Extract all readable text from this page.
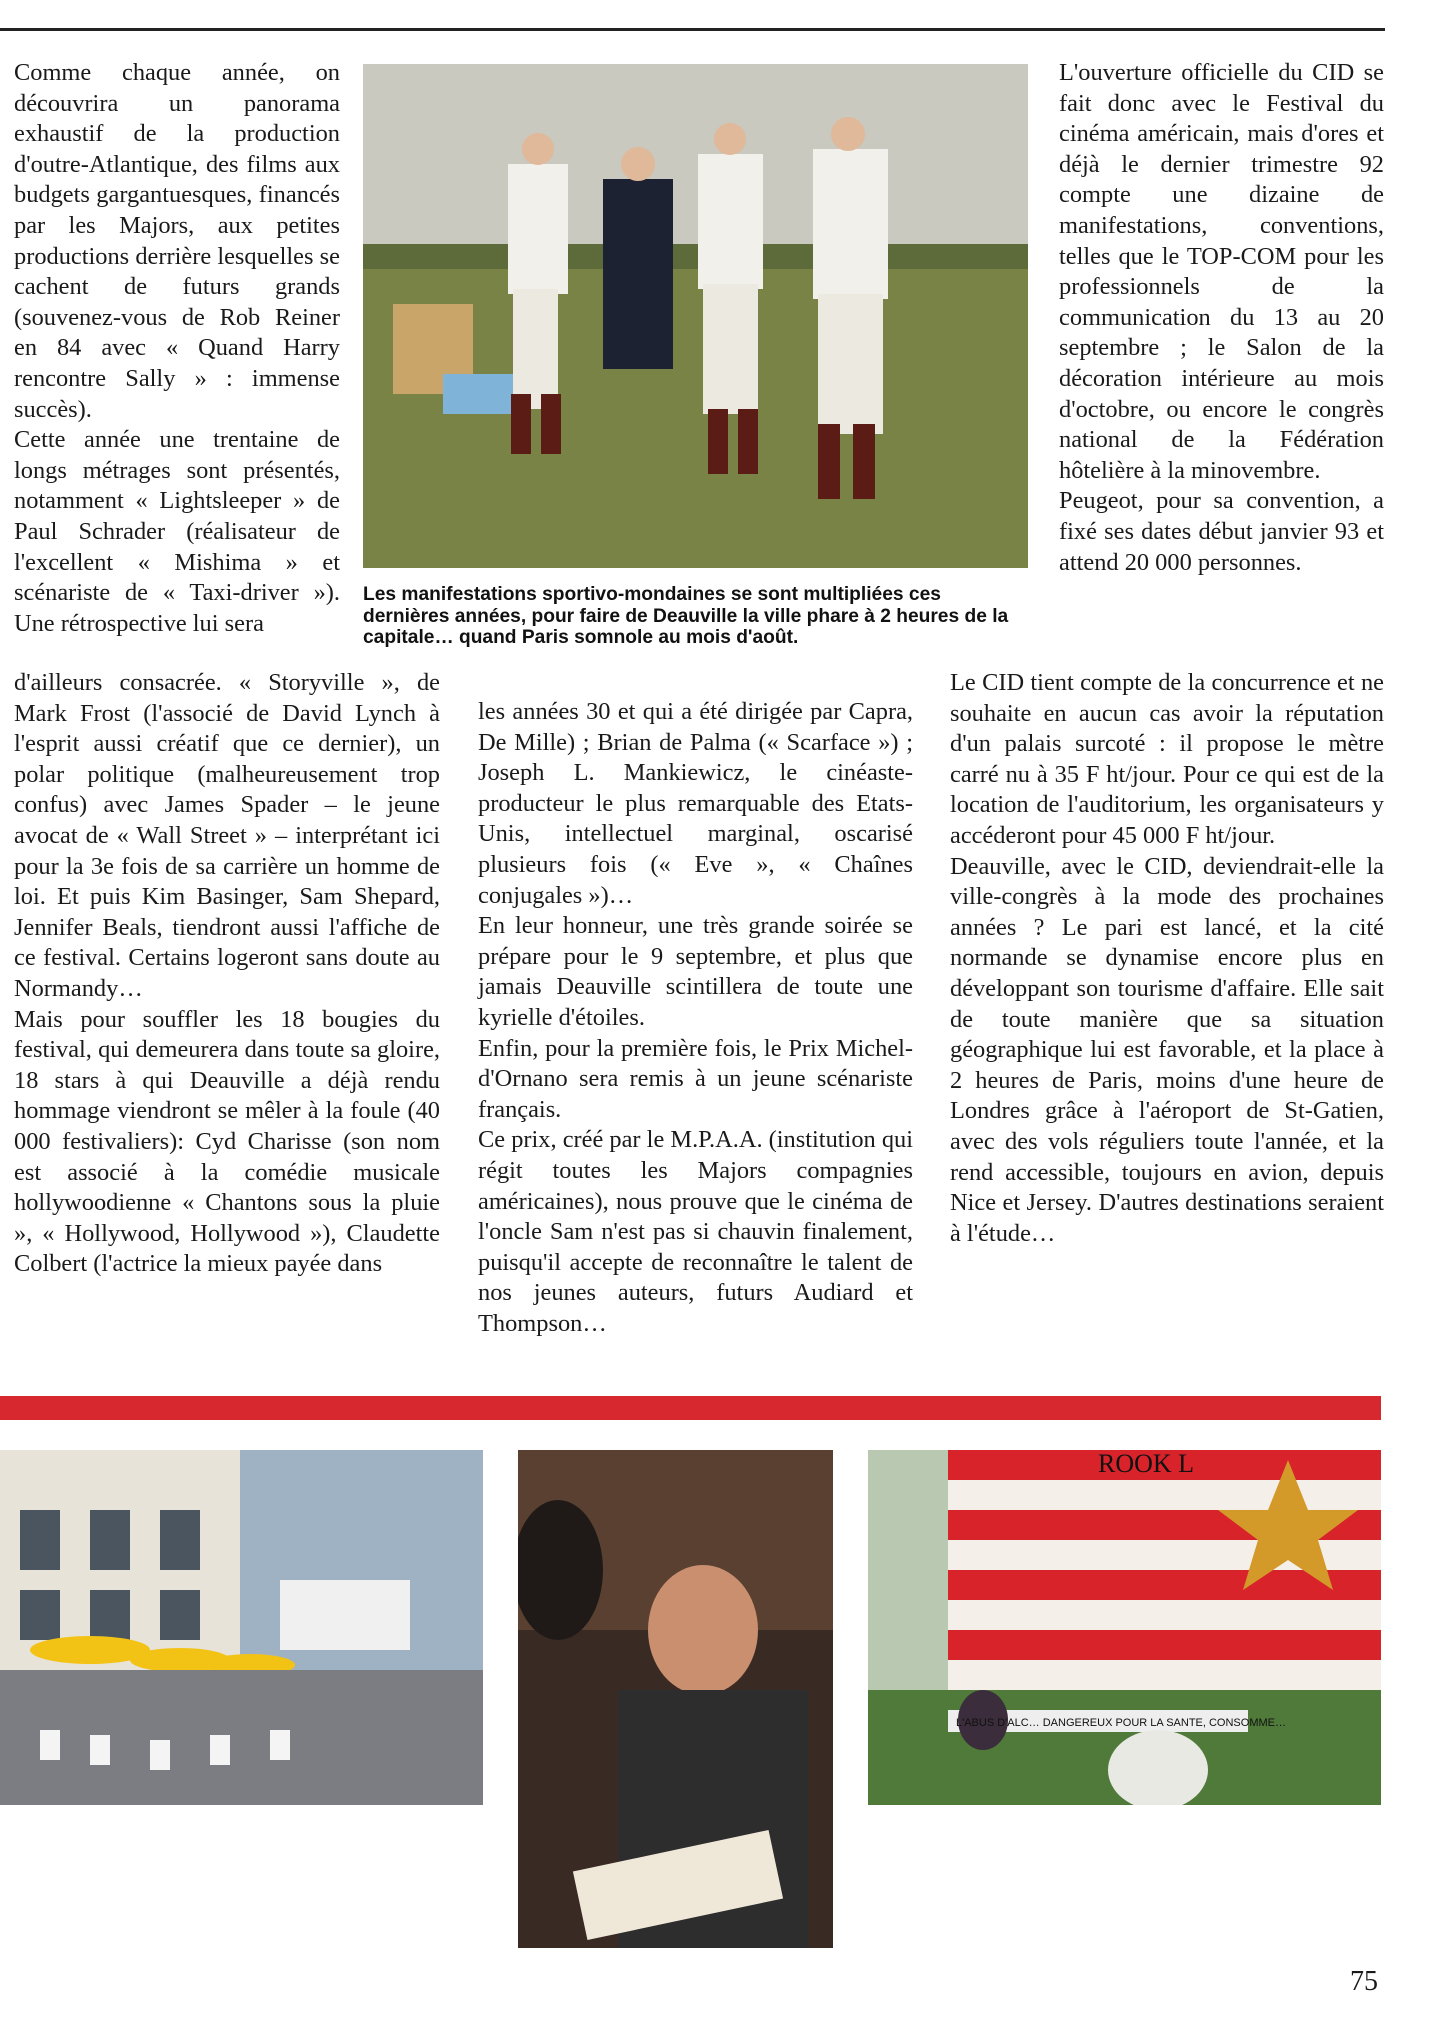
Comme chaque année, on découvrira un panorama exhaustif de la production d'outre-Atlantique, des films aux budgets gargantuesques, financés par les Majors, aux petites productions derrière lesquelles se cachent de futurs grands (souvenez-vous de Rob Reiner en 84 avec « Quand Harry rencontre Sally » : immense succès).

Cette année une trentaine de longs métrages sont présentés, notamment « Lightsleeper » de Paul Schrader (réalisateur de l'excellent « Mishima » et scénariste de « Taxi-driver »). Une rétrospective lui sera

Les manifestations sportivo-mondaines se sont multipliées ces dernières années, pour faire de Deauville la ville phare à 2 heures de la capitale… quand Paris somnole au mois d'août.

d'ailleurs consacrée. « Storyville », de Mark Frost (l'associé de David Lynch à l'esprit aussi créatif que ce dernier), un polar politique (malheureusement trop confus) avec James Spader – le jeune avocat de « Wall Street » – interprétant ici pour la 3e fois de sa carrière un homme de loi. Et puis Kim Basinger, Sam Shepard, Jennifer Beals, tiendront aussi l'affiche de ce festival. Certains logeront sans doute au Normandy…

Mais pour souffler les 18 bougies du festival, qui demeurera dans toute sa gloire, 18 stars à qui Deauville a déjà rendu hommage viendront se mêler à la foule (40 000 festivaliers): Cyd Charisse (son nom est associé à la comédie musicale hollywoodienne « Chantons sous la pluie », « Hollywood, Hollywood »), Claudette Colbert (l'actrice la mieux payée dans

les années 30 et qui a été dirigée par Capra, De Mille) ; Brian de Palma (« Scarface ») ; Joseph L. Mankiewicz, le cinéaste-producteur le plus remarquable des Etats-Unis, intellectuel marginal, oscarisé plusieurs fois (« Eve », « Chaînes conjugales »)…

En leur honneur, une très grande soirée se prépare pour le 9 septembre, et plus que jamais Deauville scintillera de toute une kyrielle d'étoiles.

Enfin, pour la première fois, le Prix Michel-d'Ornano sera remis à un jeune scénariste français.

Ce prix, créé par le M.P.A.A. (institution qui régit toutes les Majors compagnies américaines), nous prouve que le cinéma de l'oncle Sam n'est pas si chauvin finalement, puisqu'il accepte de reconnaître le talent de nos jeunes auteurs, futurs Audiard et Thompson…

L'ouverture officielle du CID se fait donc avec le Festival du cinéma américain, mais d'ores et déjà le dernier trimestre 92 compte une dizaine de manifestations, conventions, telles que le TOP-COM pour les professionnels de la communication du 13 au 20 septembre ; le Salon de la décoration intérieure au mois d'octobre, ou encore le congrès national de la Fédération hôtelière à la minovembre.

Peugeot, pour sa convention, a fixé ses dates début janvier 93 et attend 20 000 personnes.

Le CID tient compte de la concurrence et ne souhaite en aucun cas avoir la réputation d'un palais surcoté : il propose le mètre carré nu à 35 F ht/jour. Pour ce qui est de la location de l'auditorium, les organisateurs y accéderont pour 45 000 F ht/jour.

Deauville, avec le CID, deviendrait-elle la ville-congrès à la mode des prochaines années ? Le pari est lancé, et la cité normande se dynamise encore plus en développant son tourisme d'affaire. Elle sait de toute manière que sa situation géographique lui est favorable, et la place à 2 heures de Paris, moins d'une heure de Londres grâce à l'aéroport de St-Gatien, avec des vols réguliers toute l'année, et la rend accessible, toujours en avion, depuis Nice et Jersey. D'autres destinations seraient à l'étude…

L'ABUS D'ALC… DANGEREUX POUR LA SANTE, CONSOMME…
ROOK L
75
